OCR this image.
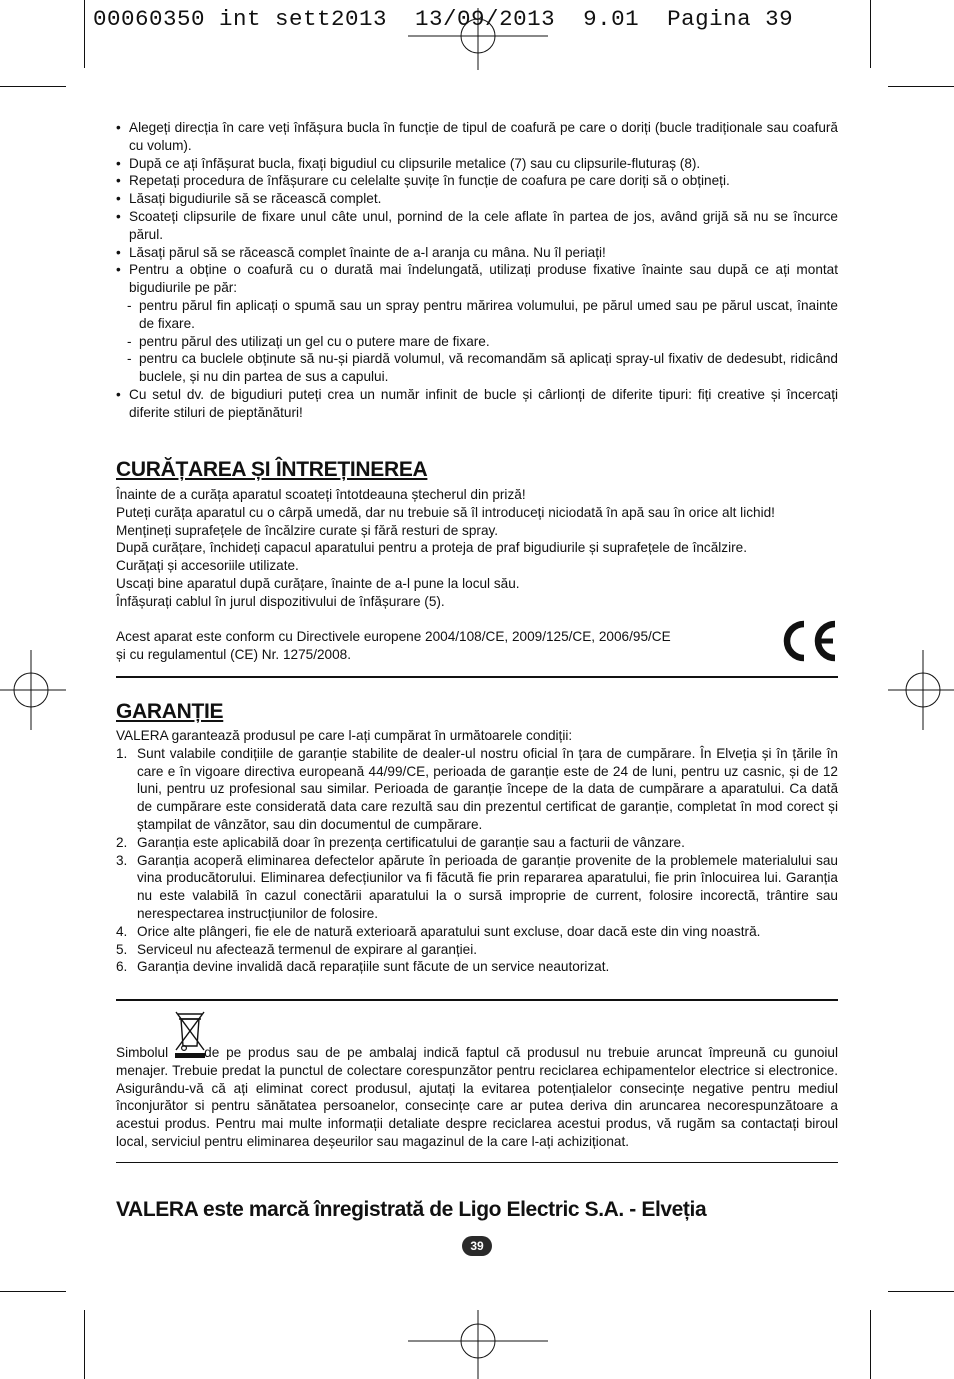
00060350 int sett2013  13/09/2013  9.01  Pagina 39
• Alegeți direcția în care veți înfășura bucla în funcție de tipul de coafură pe care o doriți (bucle tradiționale sau coafură cu volum).
• După ce ați înfășurat bucla, fixați bigudiul cu clipsurile metalice (7) sau cu clipsurile-fluturaș (8).
• Repetați procedura de înfășurare cu celelalte șuvițe în funcție de coafura pe care doriți să o obțineți.
• Lăsați bigudiurile să se răcească complet.
• Scoateți clipsurile de fixare unul câte unul, pornind de la cele aflate în partea de jos, având grijă să nu se încurce părul.
• Lăsați părul să se răcească complet înainte de a-l aranja cu mâna. Nu îl periați!
• Pentru a obține o coafură cu o durată mai îndelungată, utilizați produse fixative înainte sau după ce ați montat bigudiurile pe păr:
- pentru părul fin aplicați o spumă sau un spray pentru mărirea volumului, pe părul umed sau pe părul uscat, înainte de fixare.
- pentru părul des utilizați un gel cu o putere mare de fixare.
- pentru ca buclele obținute să nu-și piardă volumul, vă recomandăm să aplicați spray-ul fixativ de dedesubt, ridicând buclele, și nu din partea de sus a capului.
• Cu setul dv. de bigudiuri puteți crea un număr infinit de bucle și cârlionți de diferite tipuri: fiți creative și încercați diferite stiluri de pieptănături!
CURĂȚAREA ȘI ÎNTREȚINEREA

Înainte de a curăța aparatul scoateți întotdeauna ștecherul din priză!

Puteți curăța aparatul cu o cârpă umedă, dar nu trebuie să îl introduceți niciodată în apă sau în orice alt lichid!

Mențineți suprafețele de încălzire curate și fără resturi de spray.

După curățare, închideți capacul aparatului pentru a proteja de praf bigudiurile și suprafețele de încălzire.

Curățați și accesoriile utilizate.

Uscați bine aparatul după curățare, înainte de a-l pune la locul său.

Înfășurați cablul în jurul dispozitivului de înfășurare (5).

Acest aparat este conform cu Directivele europene 2004/108/CE, 2009/125/CE, 2006/95/CE

și cu regulamentul (CE) Nr. 1275/2008.

GARANȚIE

VALERA garantează produsul pe care l-ați cumpărat în următoarele condiții:

1. Sunt valabile condițiile de garanție stabilite de dealer-ul nostru oficial în țara de cumpărare. În Elveția și în țările în care e în vigoare directiva europeană 44/99/CE, perioada de garanție este de 24 de luni, pentru uz casnic, și de 12 luni, pentru uz profesional sau similar. Perioada de garanție începe de la data de cumpărare a aparatului. Ca dată de cumpărare este considerată data care rezultă sau din prezentul certificat de garanție, completat în mod corect și ștampilat de vânzător, sau din documentul de cumpărare.
2. Garanția este aplicabilă doar în prezența certificatului de garanție sau a facturii de vânzare.
3. Garanția acoperă eliminarea defectelor apărute în perioada de garanție provenite de la problemele materialului sau vina producătorului. Eliminarea defecțiunilor va fi făcută fie prin repararea aparatului, fie prin înlocuirea lui. Garanția nu este valabilă în cazul conectării aparatului la o sursă improprie de current, folosire incorectă, trântire sau nerespectarea instrucțiunilor de folosire.
4. Orice alte plângeri, fie ele de natură exterioară aparatului sunt excluse, doar dacă este din ving noastră.
5. Serviceul nu afectează termenul de expirare al garanției.
6. Garanția devine invalidă dacă reparațiile sunt făcute de un service neautorizat.
Simbolul	de pe produs sau de pe ambalaj indică faptul că produsul nu trebuie aruncat împreună cu gunoiul menajer. Trebuie predat la punctul de colectare corespunzător pentru reciclarea echipamentelor electrice si electronice. Asigurându-vă că ați eliminat corect produsul, ajutați la evitarea potențialelor consecințe negative pentru mediul înconjurător si pentru sănătatea persoanelor, consecințe care ar putea deriva din aruncarea necorespunzătoare a acestui produs. Pentru mai multe informații detaliate despre reciclarea acestui produs, vă rugăm sa contactați biroul local, serviciul pentru eliminarea deșeurilor sau magazinul de la care l-ați achiziționat.
VALERA este marcă înregistrată de Ligo Electric S.A. - Elveția
39
